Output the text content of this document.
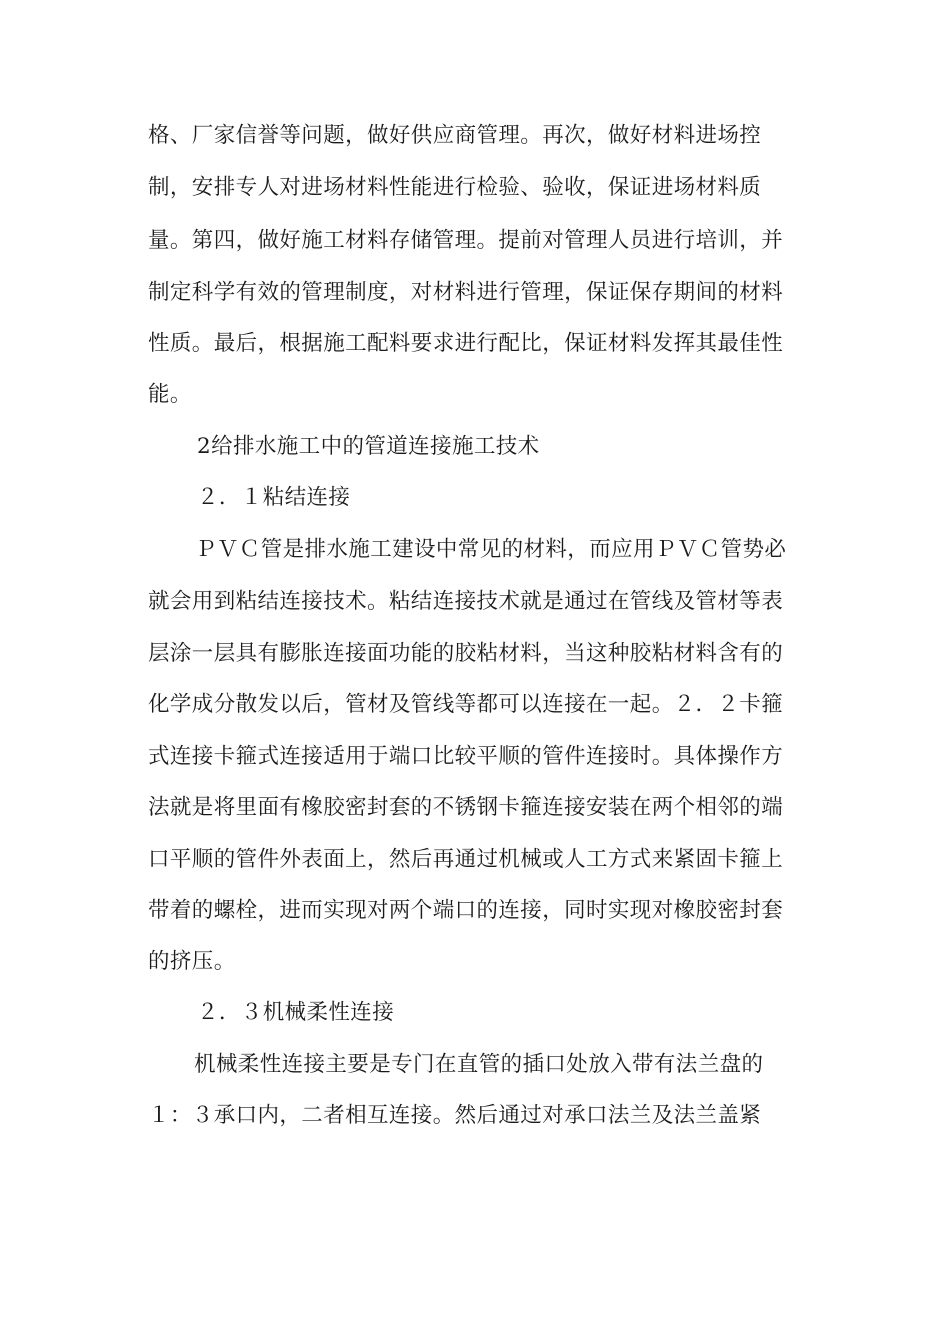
格、厂家信誉等问题，做好供应商管理。再次，做好材料进场控
制，安排专人对进场材料性能进行检验、验收，保证进场材料质
量。第四，做好施工材料存储管理。提前对管理人员进行培训，并
制定科学有效的管理制度，对材料进行管理，保证保存期间的材料
性质。最后，根据施工配料要求进行配比，保证材料发挥其最佳性
能。
2给排水施工中的管道连接施工技术
２．１粘结连接
ＰＶＣ管是排水施工建设中常见的材料，而应用ＰＶＣ管势必
就会用到粘结连接技术。粘结连接技术就是通过在管线及管材等表
层涂一层具有膨胀连接面功能的胶粘材料，当这种胶粘材料含有的
化学成分散发以后，管材及管线等都可以连接在一起。２．２卡箍
式连接卡箍式连接适用于端口比较平顺的管件连接时。具体操作方
法就是将里面有橡胶密封套的不锈钢卡箍连接安装在两个相邻的端
口平顺的管件外表面上，然后再通过机械或人工方式来紧固卡箍上
带着的螺栓，进而实现对两个端口的连接，同时实现对橡胶密封套
的挤压。
２．３机械柔性连接
机械柔性连接主要是专门在直管的插口处放入带有法兰盘的
１：３承口内，二者相互连接。然后通过对承口法兰及法兰盖紧
